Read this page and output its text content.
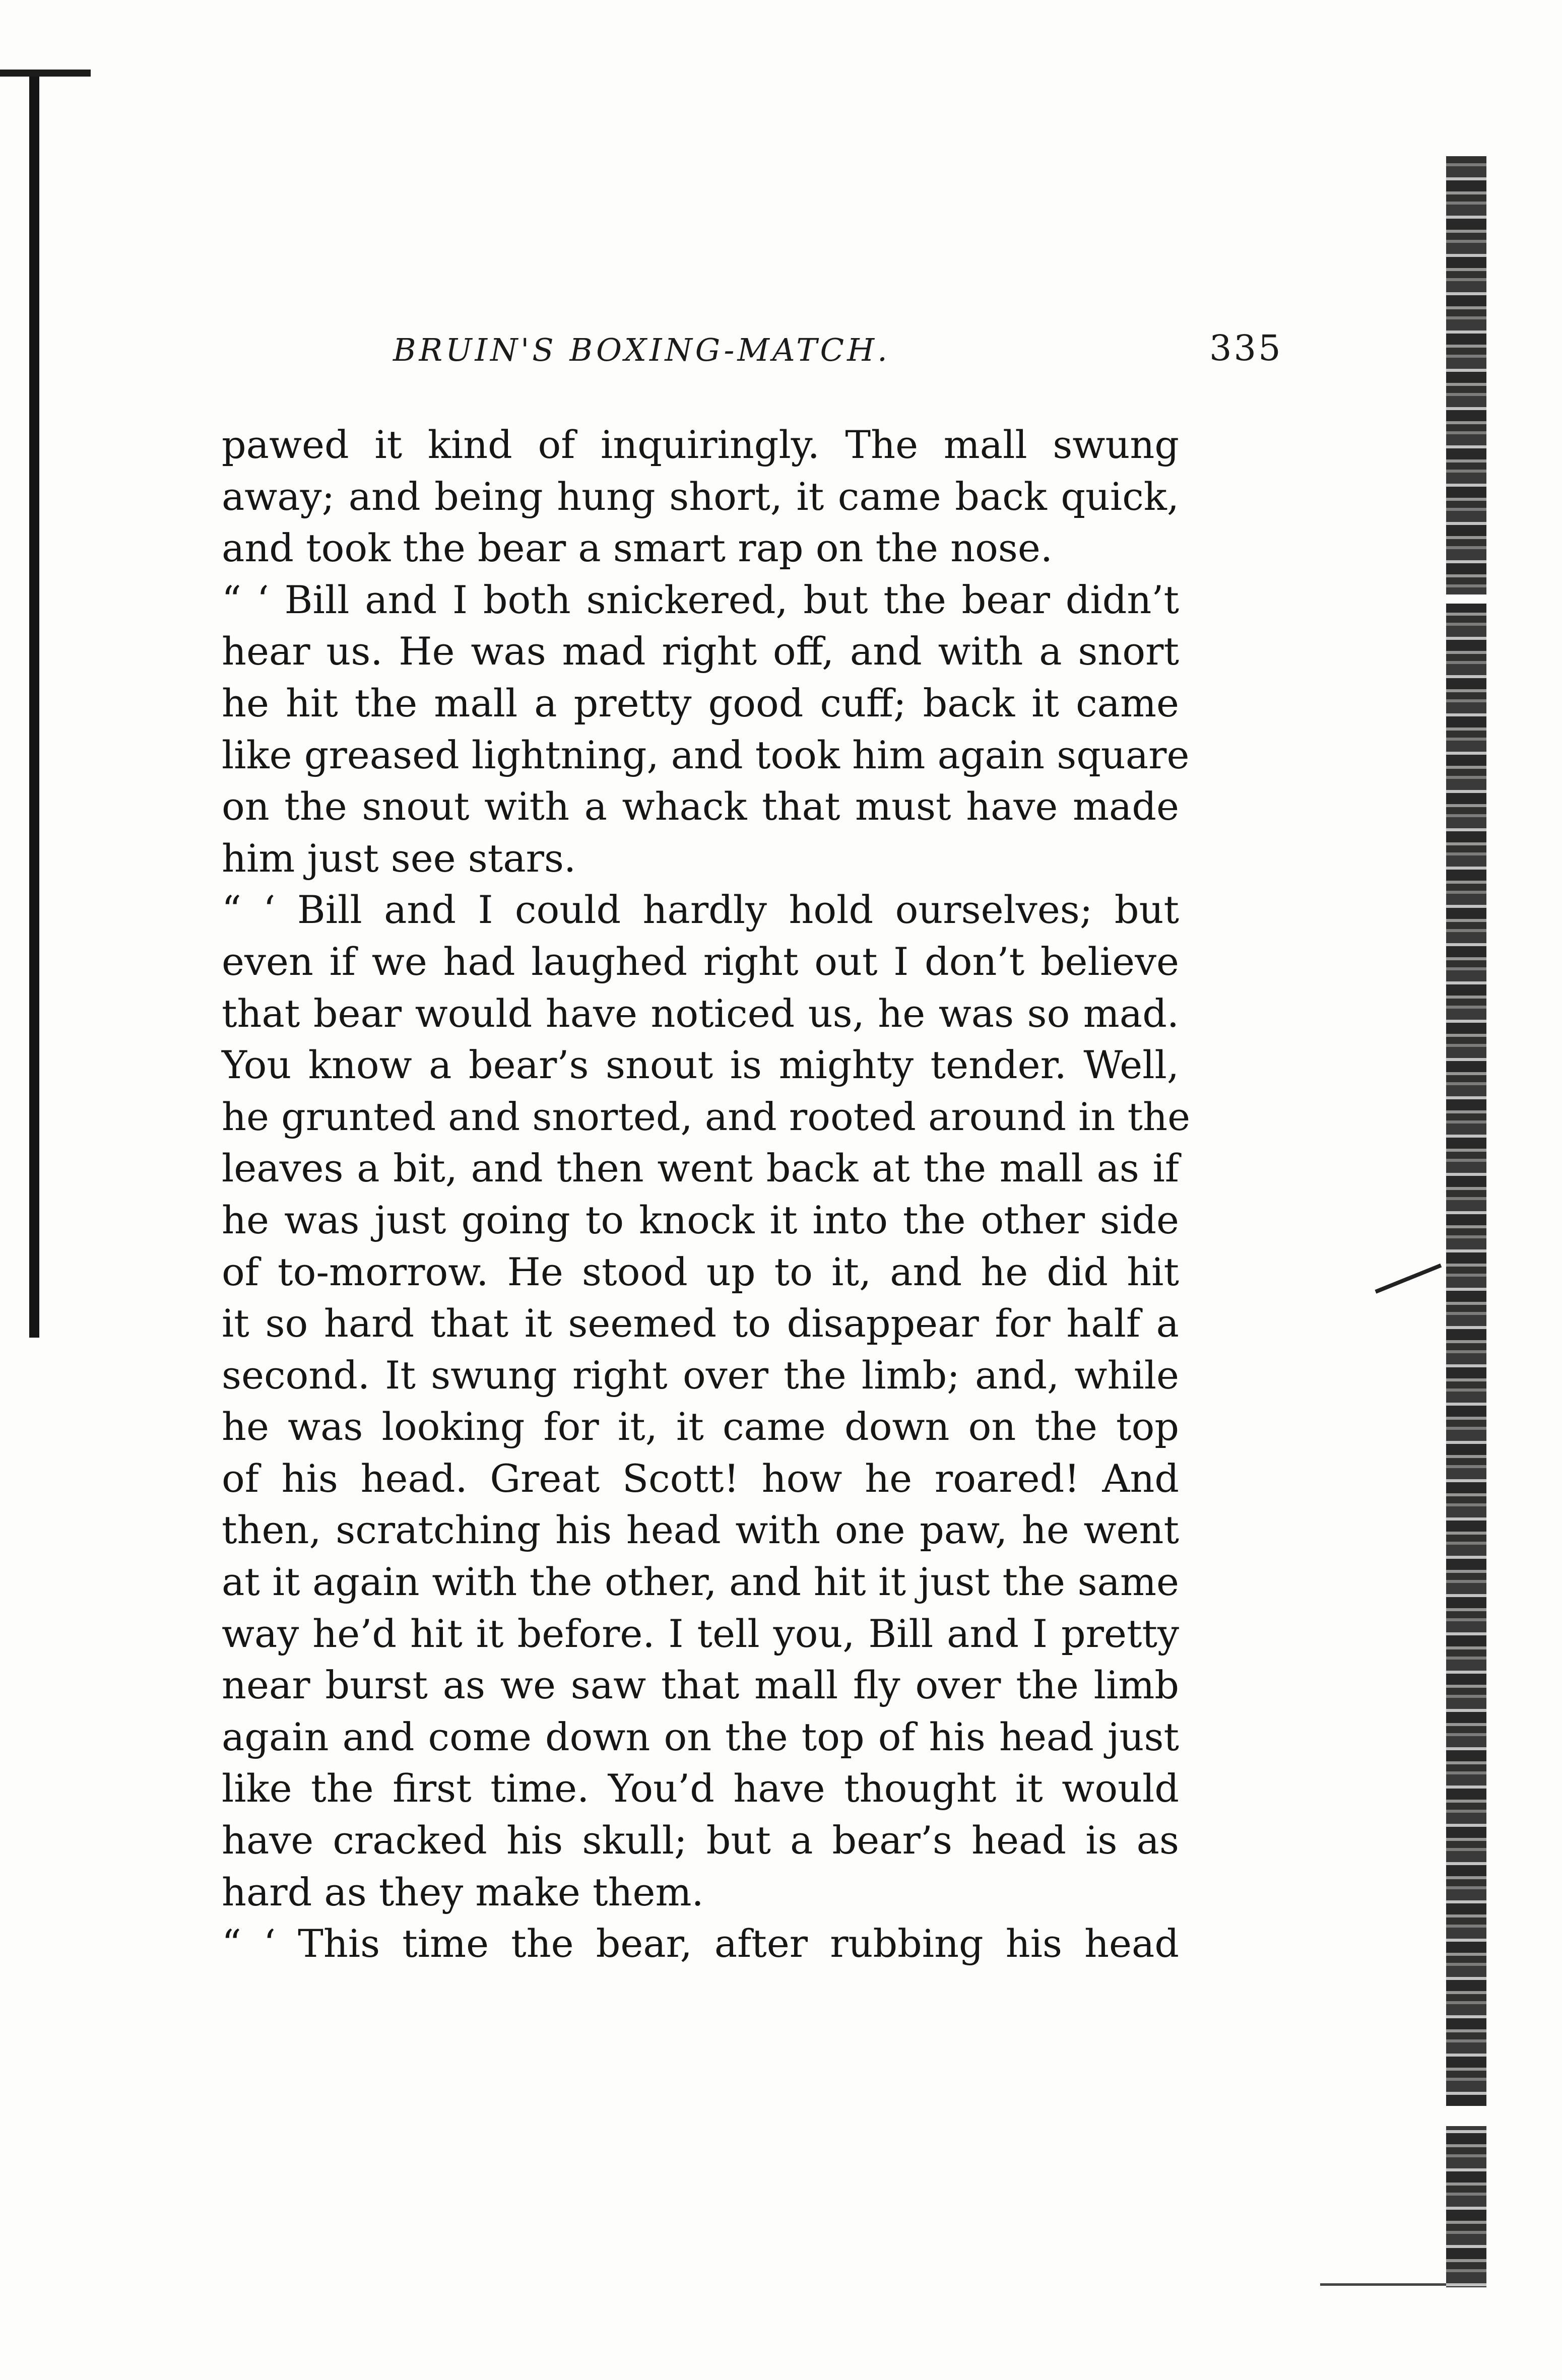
BRUIN'S BOXING-MATCH.	335
pawed it kind of inquiringly. The mall swung
away; and being hung short, it came back quick,
and took the bear a smart rap on the nose.
“ ‘ Bill and I both snickered, but the bear didn’t
hear us. He was mad right off, and with a snort
he hit the mall a pretty good cuff; back it came
like greased lightning, and took him again square
on the snout with a whack that must have made
him just see stars.
“ ‘ Bill and I could hardly hold ourselves; but
even if we had laughed right out I don’t believe
that bear would have noticed us, he was so mad.
You know a bear’s snout is mighty tender. Well,
he grunted and snorted, and rooted around in the
leaves a bit, and then went back at the mall as if
he was just going to knock it into the other side
of to-morrow. He stood up to it, and he did hit
it so hard that it seemed to disappear for half a
second. It swung right over the limb; and, while
he was looking for it, it came down on the top
of his head. Great Scott! how he roared! And
then, scratching his head with one paw, he went
at it again with the other, and hit it just the same
way he’d hit it before. I tell you, Bill and I pretty
near burst as we saw that mall fly over the limb
again and come down on the top of his head just
like the first time. You’d have thought it would
have cracked his skull; but a bear’s head is as
hard as they make them.
“ ‘ This time the bear, after rubbing his head
